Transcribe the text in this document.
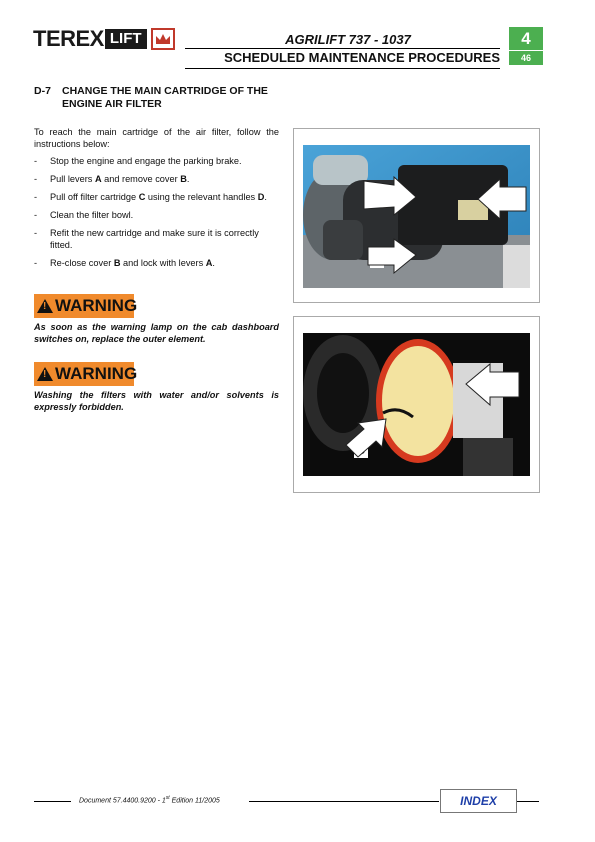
TEREX LIFT	AGRILIFT 737 - 1037
SCHEDULED MAINTENANCE PROCEDURES
4
46
D-7 CHANGE THE MAIN CARTRIDGE OF THE ENGINE AIR FILTER
To reach the main cartridge of the air filter, follow the instructions below:
- Stop the engine and engage the parking brake.
- Pull levers A and remove cover B.
- Pull off filter cartridge C using the relevant handles D.
- Clean the filter bowl.
- Refit the new cartridge and make sure it is correctly fitted.
- Re-close cover B and lock with levers A.
! WARNING
As soon as the warning lamp on the cab dashboard switches on, replace the outer element.
! WARNING
Washing the filters with water and/or solvents is expressly forbidden.
Document 57.4400.9200 - 1st Edition 11/2005	INDEX
